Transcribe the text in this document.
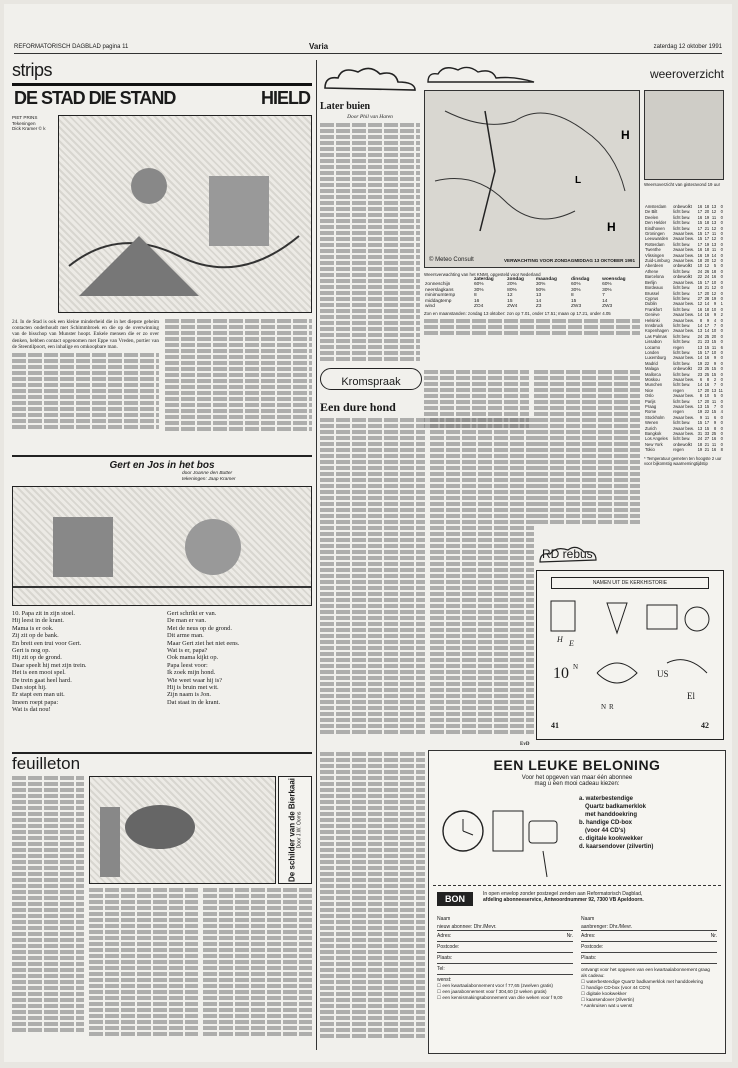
REFORMATORISCH DAGBLAD pagina 11	Varia	zaterdag 12 oktober 1991
strips
DE STAD DIE STAND	HIELD
PIET PRINS
Tekeningen
Dick Kramer © k
24. In de Stad is ook een kleine minderheid die in het diepste geheim contacten onderhoudt met Schimmbroek en die op de overwinning van de bisschop van Munster hoopt. Enkele mensen die er zo over denken, hebben contact opgenomen met Eppe van Vreden, portier van de Steentilpoort, een inhalige en omkoopbare man.

Gert en Jos in het bos
door Joanne den Butter
tekeningen: Jaap Kramer
10. Papa zit in zijn stoel.
Hij leest in de krant.
Mama is er ook.
Zij zit op de bank.
En breit een trui voor Gert.
Gert is nog op.
Hij zit op de grond.
Daar speelt hij met zijn trein.
Het is een mooi spel.
De trein gaat heel hard.
Dan stopt hij.
Er stapt een man uit.
Imeen roept papa:
Wat is dat nou!
Gert schrikt er van.
De man er van.
Met de neus op de grond.
Dit arme man.
Maar Gert ziet het niet eens.
Wat is er, papa?
Ook mama kijkt op.
Papa leest voor:
Ik zoek mijn hond.
Wie weet waar hij is?
Hij is bruin met wit.
Zijn naam is Jon.
Dat staat in de krant.
feuilleton

De schilder van de Bierkaai Door J.W. Ooms

Later buien
Door Phil van Haren

weeroverzicht
H
L
H
© Meteo Consult	VERWACHTING VOOR ZONDAGMIDDAG 13 OKTOBER 1991
Weersoverzicht van gisteravond 19 uur
Weersverwachting van het KNMI, opgesteld voor Nederland
	zaterdag	zondag	maandag	dinsdag	woensdag
zonneschijn	60%	20%	30%	60%	60%
neerslagkans	30%	80%	50%	30%	30%
minimumtemp	8	12	13	8	7
middagtemp	16	15	14	15	14
wind	ZO4	ZW4	Z3	ZW3	ZW3
Zon en maanstanden: zondag 13 oktober: zon op 7.01, onder 17.51; maan op 17.21, onder 4.05

Amsterdam	onbewolkt	16	18	13	0
De Bilt	licht bew.	17	20	12	0
Deelen	licht bew.	16	19	11	0
Den Helder	licht bew.	15	18	13	0
Eindhoven	licht bew.	17	21	12	0
Groningen	zwaar bew.	15	17	11	0
Leeuwarden	zwaar bew.	15	17	12	0
Rotterdam	licht bew.	17	19	13	0
Twenthe	zwaar bew.	16	18	11	0
Vlissingen	zwaar bew.	16	19	14	0
Zuid-Limburg	zwaar bew.	18	20	12	0
Aberdeen	onbewolkt	10	12	5	0
Athene	licht bew.	24	26	18	0
Barcelona	onbewolkt	22	24	16	0
Berlijn	zwaar bew.	15	17	10	0
Bordeaux	licht bew.	18	21	12	0
Brussel	licht bew.	17	20	12	0
Cyprus	licht bew.	27	28	19	0
Dublin	zwaar bew.	12	14	9	1
Frankfort	licht bew.	16	18	10	0
Genève	zwaar bew.	14	16	9	2
Helsinki	zwaar bew.	8	9	4	0
Innsbruck	licht bew.	14	17	7	0
Kopenhagen	zwaar bew.	13	14	10	0
Las Palmas	licht bew.	24	25	20	0
Lissabon	licht bew.	21	23	15	0
Locarno	regen	13	15	11	6
Londen	licht bew.	15	17	10	0
Luxemburg	zwaar bew.	14	16	9	0
Madrid	licht bew.	19	22	9	0
Malaga	onbewolkt	23	25	15	0
Mallorca	licht bew.	23	25	15	0
Moskou	zwaar bew.	6	8	2	0
Munchen	licht bew.	14	16	7	0
Nice	regen	17	20	13	11
Oslo	zwaar bew.	8	10	5	0
Parijs	licht bew.	17	20	11	0
Praag	zwaar bew.	13	15	7	0
Rome	regen	19	22	15	4
Stockholm	zwaar bew.	9	11	6	0
Wenen	licht bew.	15	17	9	0
Zurich	zwaar bew.	13	15	8	0
Bangkok	zwaar bew.	31	33	25	0
Los Angeles	licht bew.	24	27	16	0
New York	onbewolkt	18	21	11	0
Tokio	regen	19	21	16	8
* Temperatuur gemeten ten hoogste 2 uur voor bijkomstig waarnemingtijdstip

Kromspraak
Een dure hond

EvD
RD rebus
NAMEN UIT DE KERKHISTORIE
H E
10 N
US
El
N R
41	42

EEN LEUKE BELONING
Voor het opgeven van maar één abonnee
mag u een mooi cadeau kiezen:
a. waterbestendige
Quartz badkamerklok
met handdoekring
b. handige CD-box
(voor 44 CD's)
c. digitale kookwekker
d. kaarsendover (zilvertin)
BON	In open envelop zonder postzegel zenden aan Reformatorisch Dagblad,
afdeling abonneeservice, Antwoordnummer 92, 7300 VB Apeldoorn.
Naam
nieuw abonnee: Dhr./Mevr.
Adres:	Nr.
Postcode:
Plaats:
Tel:
wenst:
☐ een kwartaalabonnement voor f 77,65 (zwelven gratis)
☐ een jaarabonnement voor f 304,60 (2 weken gratis)
☐ een kennismakingsabonnement van drie weken voor f 9,00
Naam
aanbrenger: Dhr./Mevr.
Adres:	Nr.
Postcode:
Plaats:
ontvangt voor het opgeven van een kwartaalabonnement graag als cadeau:
☐ waterbestendige Quartz badkamerklok met handdoekring
☐ handige CD-box (voor 44 CD's)
☐ digitale kookwekker
☐ kaarsendover (zilvertin)
* Aankruisen wat u wenst
